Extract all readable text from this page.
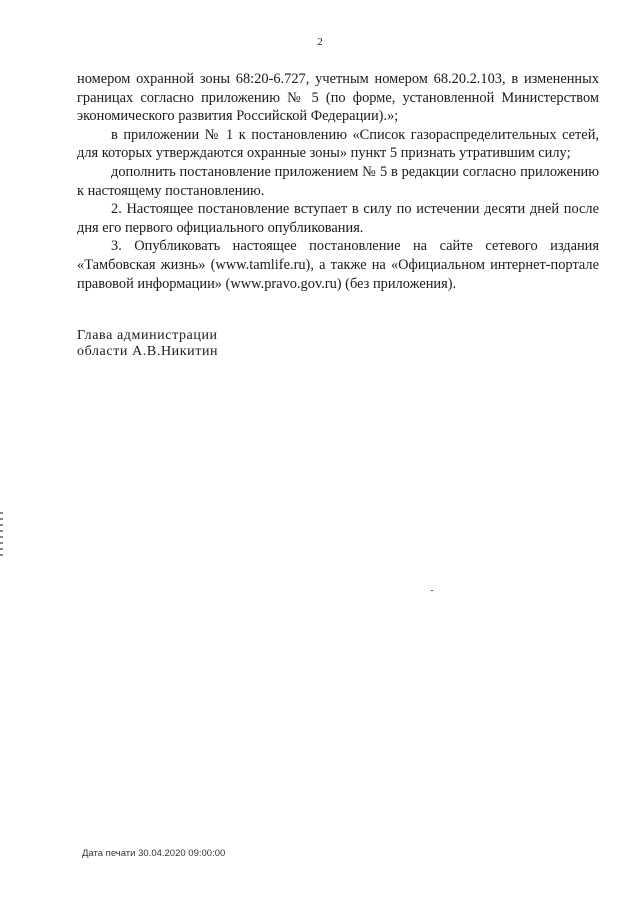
2

номером охранной зоны 68:20-6.727, учетным номером 68.20.2.103, в измененных границах согласно приложению № 5 (по форме, установленной Министерством экономического развития Российской Федерации).»;

в приложении № 1 к постановлению «Список газораспределительных сетей, для которых утверждаются охранные зоны» пункт 5 признать утратившим силу;

дополнить постановление приложением № 5 в редакции согласно приложению к настоящему постановлению.

2. Настоящее постановление вступает в силу по истечении десяти дней после дня его первого официального опубликования.

3. Опубликовать настоящее постановление на сайте сетевого издания «Тамбовская жизнь» (www.tamlife.ru), а также на «Официальном интернет-портале правовой информации» (www.pravo.gov.ru) (без приложения).

Глава администрации
области А.В.Никитин
Дата печати 30.04.2020 09:00:00
